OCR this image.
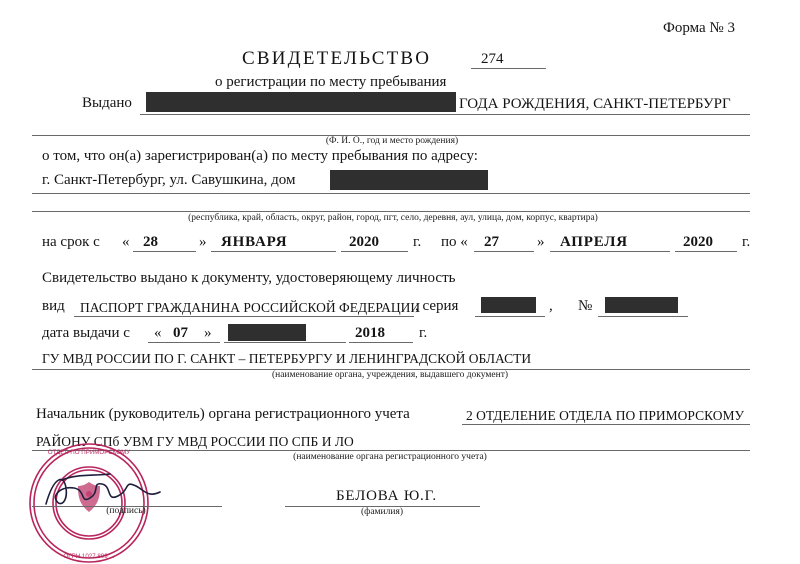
Форма № 3
СВИДЕТЕЛЬСТВО	274
о регистрации по месту пребывания
Выдано	ГОДА РОЖДЕНИЯ, САНКТ-ПЕТЕРБУРГ
(Ф. И. О., год и место рождения)
о том, что он(а) зарегистрирован(а) по месту пребывания по адресу:
г. Санкт-Петербург, ул. Савушкина, дом
(республика, край, область, округ, район, город, пгт, село, деревня, аул, улица, дом, корпус, квартира)
на срок с « 28	» ЯНВАРЯ	2020 г. по « 27	» АПРЕЛЯ	2020 г.
Свидетельство выдано к документу, удостоверяющему личность
вид ПАСПОРТ ГРАЖДАНИНА РОССИЙСКОЙ ФЕДЕРАЦИИ
, серия	, №
дата выдачи с « 07 »	2018 г.
ГУ МВД РОССИИ ПО Г. САНКТ – ПЕТЕРБУРГУ И ЛЕНИНГРАДСКОЙ ОБЛАСТИ
(наименование органа, учреждения, выдавшего документ)
Начальник (руководитель) органа регистрационного учета	2 ОТДЕЛЕНИЕ ОТДЕЛА ПО ПРИМОРСКОМУ
РАЙОНУ СПб УВМ ГУ МВД РОССИИ ПО СПБ И ЛО
(наименование органа регистрационного учета)
ОТДЕЛ ПО ПРИМОРСКОМУ
ОГРН 1027 809 ...
(подпись)
БЕЛОВА Ю.Г.
(фамилия)
